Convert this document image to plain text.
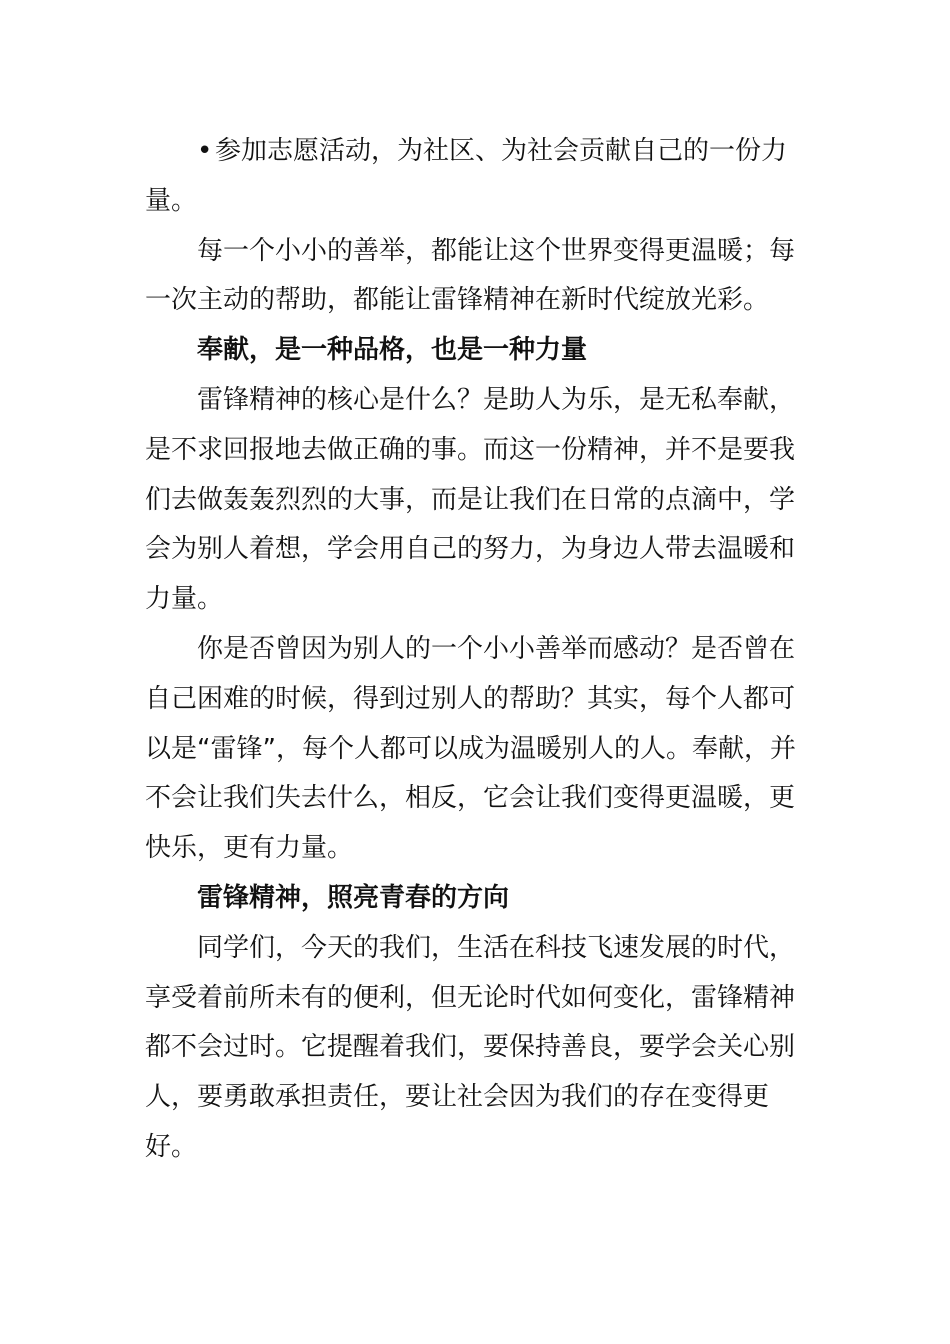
• 参加志愿活动，为社区、为社会贡献自己的一份力量。

每一个小小的善举，都能让这个世界变得更温暖；每一次主动的帮助，都能让雷锋精神在新时代绽放光彩。

奉献，是一种品格，也是一种力量

雷锋精神的核心是什么？是助人为乐，是无私奉献，是不求回报地去做正确的事。而这一份精神，并不是要我们去做轰轰烈烈的大事，而是让我们在日常的点滴中，学会为别人着想，学会用自己的努力，为身边人带去温暖和力量。

你是否曾因为别人的一个小小善举而感动？是否曾在自己困难的时候，得到过别人的帮助？其实，每个人都可以是“雷锋”，每个人都可以成为温暖别人的人。奉献，并不会让我们失去什么，相反，它会让我们变得更温暖，更快乐，更有力量。

雷锋精神，照亮青春的方向

同学们，今天的我们，生活在科技飞速发展的时代，享受着前所未有的便利，但无论时代如何变化，雷锋精神都不会过时。它提醒着我们，要保持善良，要学会关心别人，要勇敢承担责任，要让社会因为我们的存在变得更好。
